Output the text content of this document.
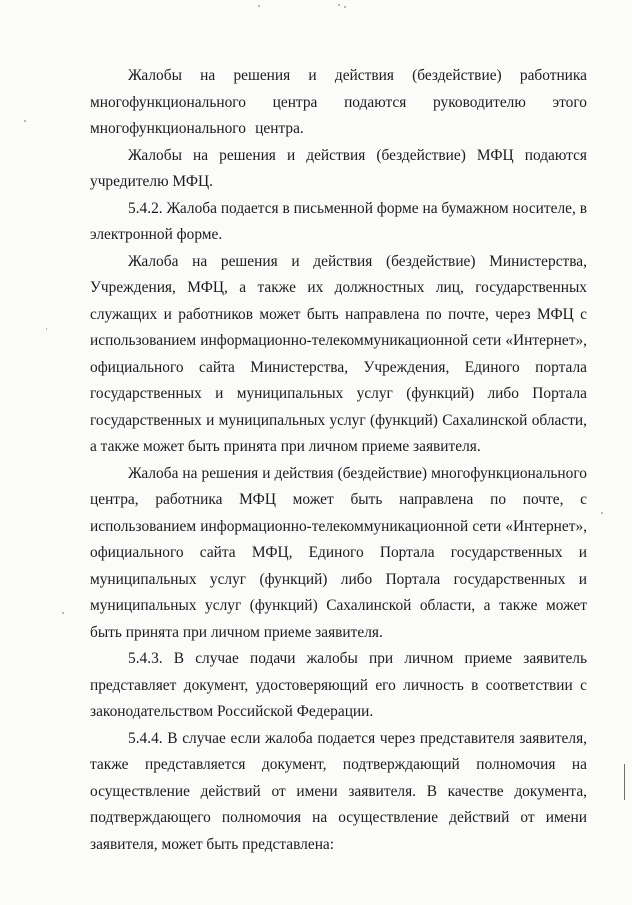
Жалобы на решения и действия (бездействие) работника многофункционального центра подаются руководителю этого многофункционального центра.

Жалобы на решения и действия (бездействие) МФЦ подаются учредителю МФЦ.

5.4.2. Жалоба подается в письменной форме на бумажном носителе, в электронной форме.

Жалоба на решения и действия (бездействие) Министерства, Учреждения, МФЦ, а также их должностных лиц, государственных служащих и работников может быть направлена по почте, через МФЦ с использованием информационно-телекоммуникационной сети «Интернет», официального сайта Министерства, Учреждения, Единого портала государственных и муниципальных услуг (функций) либо Портала государственных и муниципальных услуг (функций) Сахалинской области, а также может быть принята при личном приеме заявителя.

Жалоба на решения и действия (бездействие) многофункционального центра, работника МФЦ может быть направлена по почте, с использованием информационно-телекоммуникационной сети «Интернет», официального сайта МФЦ, Единого Портала государственных и муниципальных услуг (функций) либо Портала государственных и муниципальных услуг (функций) Сахалинской области, а также может быть принята при личном приеме заявителя.

5.4.3. В случае подачи жалобы при личном приеме заявитель представляет документ, удостоверяющий его личность в соответствии с законодательством Российской Федерации.

5.4.4. В случае если жалоба подается через представителя заявителя, также представляется документ, подтверждающий полномочия на осуществление действий от имени заявителя. В качестве документа, подтверждающего полномочия на осуществление действий от имени заявителя, может быть представлена:
